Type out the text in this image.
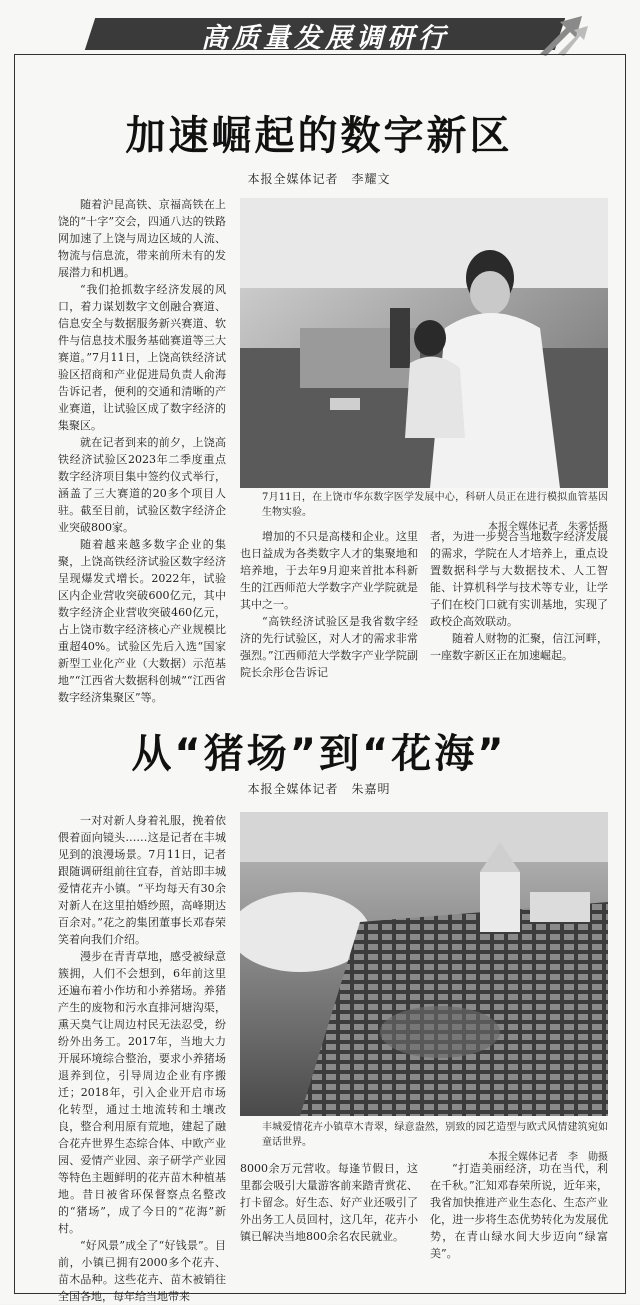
高质量发展调研行
加速崛起的数字新区
本报全媒体记者　李耀文

随着沪昆高铁、京福高铁在上饶的“十字”交会，四通八达的铁路网加速了上饶与周边区域的人流、物流与信息流，带来前所未有的发展潜力和机遇。

“我们抢抓数字经济发展的风口，着力谋划数字文创融合赛道、信息安全与数据服务新兴赛道、软件与信息技术服务基础赛道等三大赛道。”7月11日，上饶高铁经济试验区招商和产业促进局负责人俞海告诉记者，便利的交通和清晰的产业赛道，让试验区成了数字经济的集聚区。

就在记者到来的前夕，上饶高铁经济试验区2023年二季度重点数字经济项目集中签约仪式举行，涵盖了三大赛道的20多个项目人驻。截至目前，试验区数字经济企业突破800家。

随着越来越多数字企业的集聚，上饶高铁经济试验区数字经济呈现爆发式增长。2022年，试验区内企业营收突破600亿元，其中数字经济企业营收突破460亿元，占上饶市数字经济核心产业规模比重超40%。试验区先后入选“国家新型工业化产业（大数据）示范基地”“江西省大数据科创城”“江西省数字经济集聚区”等。

7月11日，在上饶市华东数字医学发展中心，科研人员正在进行模拟血管基因生物实验。
本报全媒体记者　朱雾恬摄

增加的不只是高楼和企业。这里也日益成为各类数字人才的集聚地和培养地，于去年9月迎来首批本科新生的江西师范大学数字产业学院就是其中之一。

“高铁经济试验区是我省数字经济的先行试验区，对人才的需求非常强烈。”江西师范大学数字产业学院副院长余彤仓告诉记

者，为进一步契合当地数字经济发展的需求，学院在人才培养上，重点设置数据科学与大数据技术、人工智能、计算机科学与技术等专业，让学子们在校门口就有实训基地，实现了政校企高效联动。

随着人财物的汇聚，信江河畔，一座数字新区正在加速崛起。

从“猪场”到“花海”
本报全媒体记者　朱嘉明

一对对新人身着礼服，挽着依偎着面向镜头……这是记者在丰城见到的浪漫场景。7月11日，记者跟随调研组前往宜春，首站即丰城爱情花卉小镇。“平均每天有30余对新人在这里拍婚纱照，高峰期达百余对。”花之韵集团董事长邓春荣笑着向我们介绍。

漫步在青青草地，感受被绿意簇拥，人们不会想到，6年前这里还遍布着小作坊和小养猪场。养猪产生的废物和污水直排河塘沟渠，熏天臭气让周边村民无法忍受，纷纷外出务工。2017年，当地大力开展环境综合整治，要求小养猪场退养到位，引导周边企业有序搬迁；2018年，引入企业开启市场化转型，通过土地流转和土壤改良，整合利用原有荒地，建起了融合花卉世界生态综合体、中欧产业园、爱情产业园、亲子研学产业园等特色主题鲜明的花卉苗木种植基地。昔日被省环保督察点名整改的“猪场”，成了今日的“花海”新村。

“好风景”成全了“好钱景”。目前，小镇已拥有2000多个花卉、苗木品种。这些花卉、苗木被销往全国各地，每年给当地带来

丰城爱情花卉小镇草木青翠，绿意盎然，别致的园艺造型与欧式风情建筑宛如童话世界。
本报全媒体记者　李　勋摄

8000余万元营收。每逢节假日，这里都会吸引大量游客前来踏青赏花、打卡留念。好生态、好产业还吸引了外出务工人员回村，这几年，花卉小镇已解决当地800余名农民就业。

“打造美丽经济，功在当代，利在千秋。”汇知邓春荣所说，近年来，我省加快推进产业生态化、生态产业化，进一步将生态优势转化为发展优势，在青山绿水间大步迈向“绿富美”。
